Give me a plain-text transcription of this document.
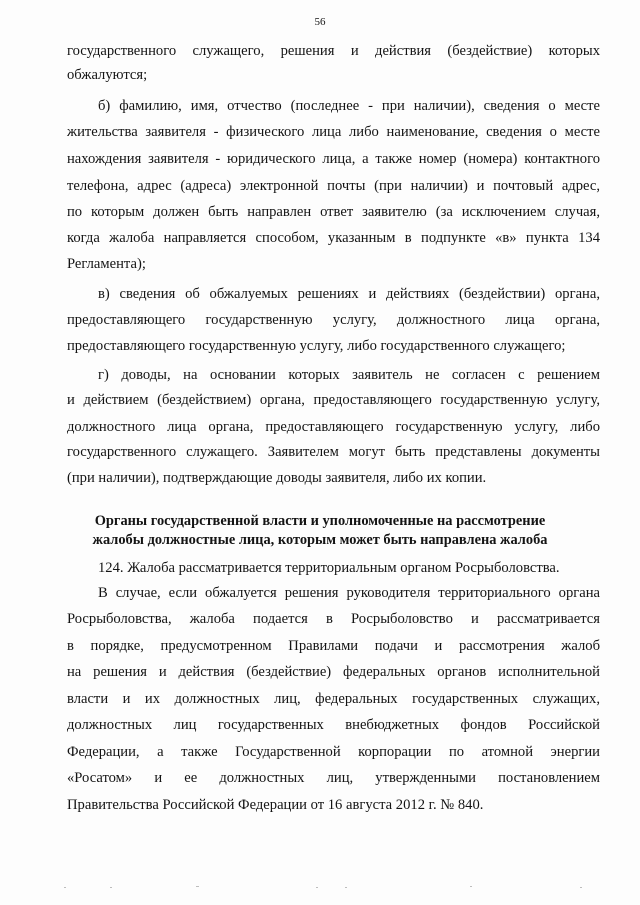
56
государственного служащего, решения и действия (бездействие) которых
обжалуются;
б) фамилию, имя, отчество (последнее - при наличии), сведения о месте
жительства заявителя - физического лица либо наименование, сведения о месте
нахождения заявителя - юридического лица, а также номер (номера) контактного
телефона, адрес (адреса) электронной почты (при наличии) и почтовый адрес,
по которым должен быть направлен ответ заявителю (за исключением случая,
когда жалоба направляется способом, указанным в подпункте «в» пункта 134
Регламента);
в) сведения об обжалуемых решениях и действиях (бездействии) органа,
предоставляющего государственную услугу, должностного лица органа,
предоставляющего государственную услугу, либо государственного служащего;
г) доводы, на основании которых заявитель не согласен с решением
и действием (бездействием) органа, предоставляющего государственную услугу,
должностного лица органа, предоставляющего государственную услугу, либо
государственного служащего. Заявителем могут быть представлены документы
(при наличии), подтверждающие доводы заявителя, либо их копии.
Органы государственной власти и уполномоченные на рассмотрение
жалобы должностные лица, которым может быть направлена жалоба
124. Жалоба рассматривается территориальным органом Росрыболовства.
В случае, если обжалуется решения руководителя территориального органа
Росрыболовства, жалоба подается в Росрыболовство и рассматривается
в порядке, предусмотренном Правилами подачи и рассмотрения жалоб
на решения и действия (бездействие) федеральных органов исполнительной
власти и их должностных лиц, федеральных государственных служащих,
должностных лиц государственных внебюджетных фондов Российской
Федерации, а также Государственной корпорации по атомной энергии
«Росатом» и ее должностных лиц, утвержденными постановлением
Правительства Российской Федерации от 16 августа 2012 г. № 840.
